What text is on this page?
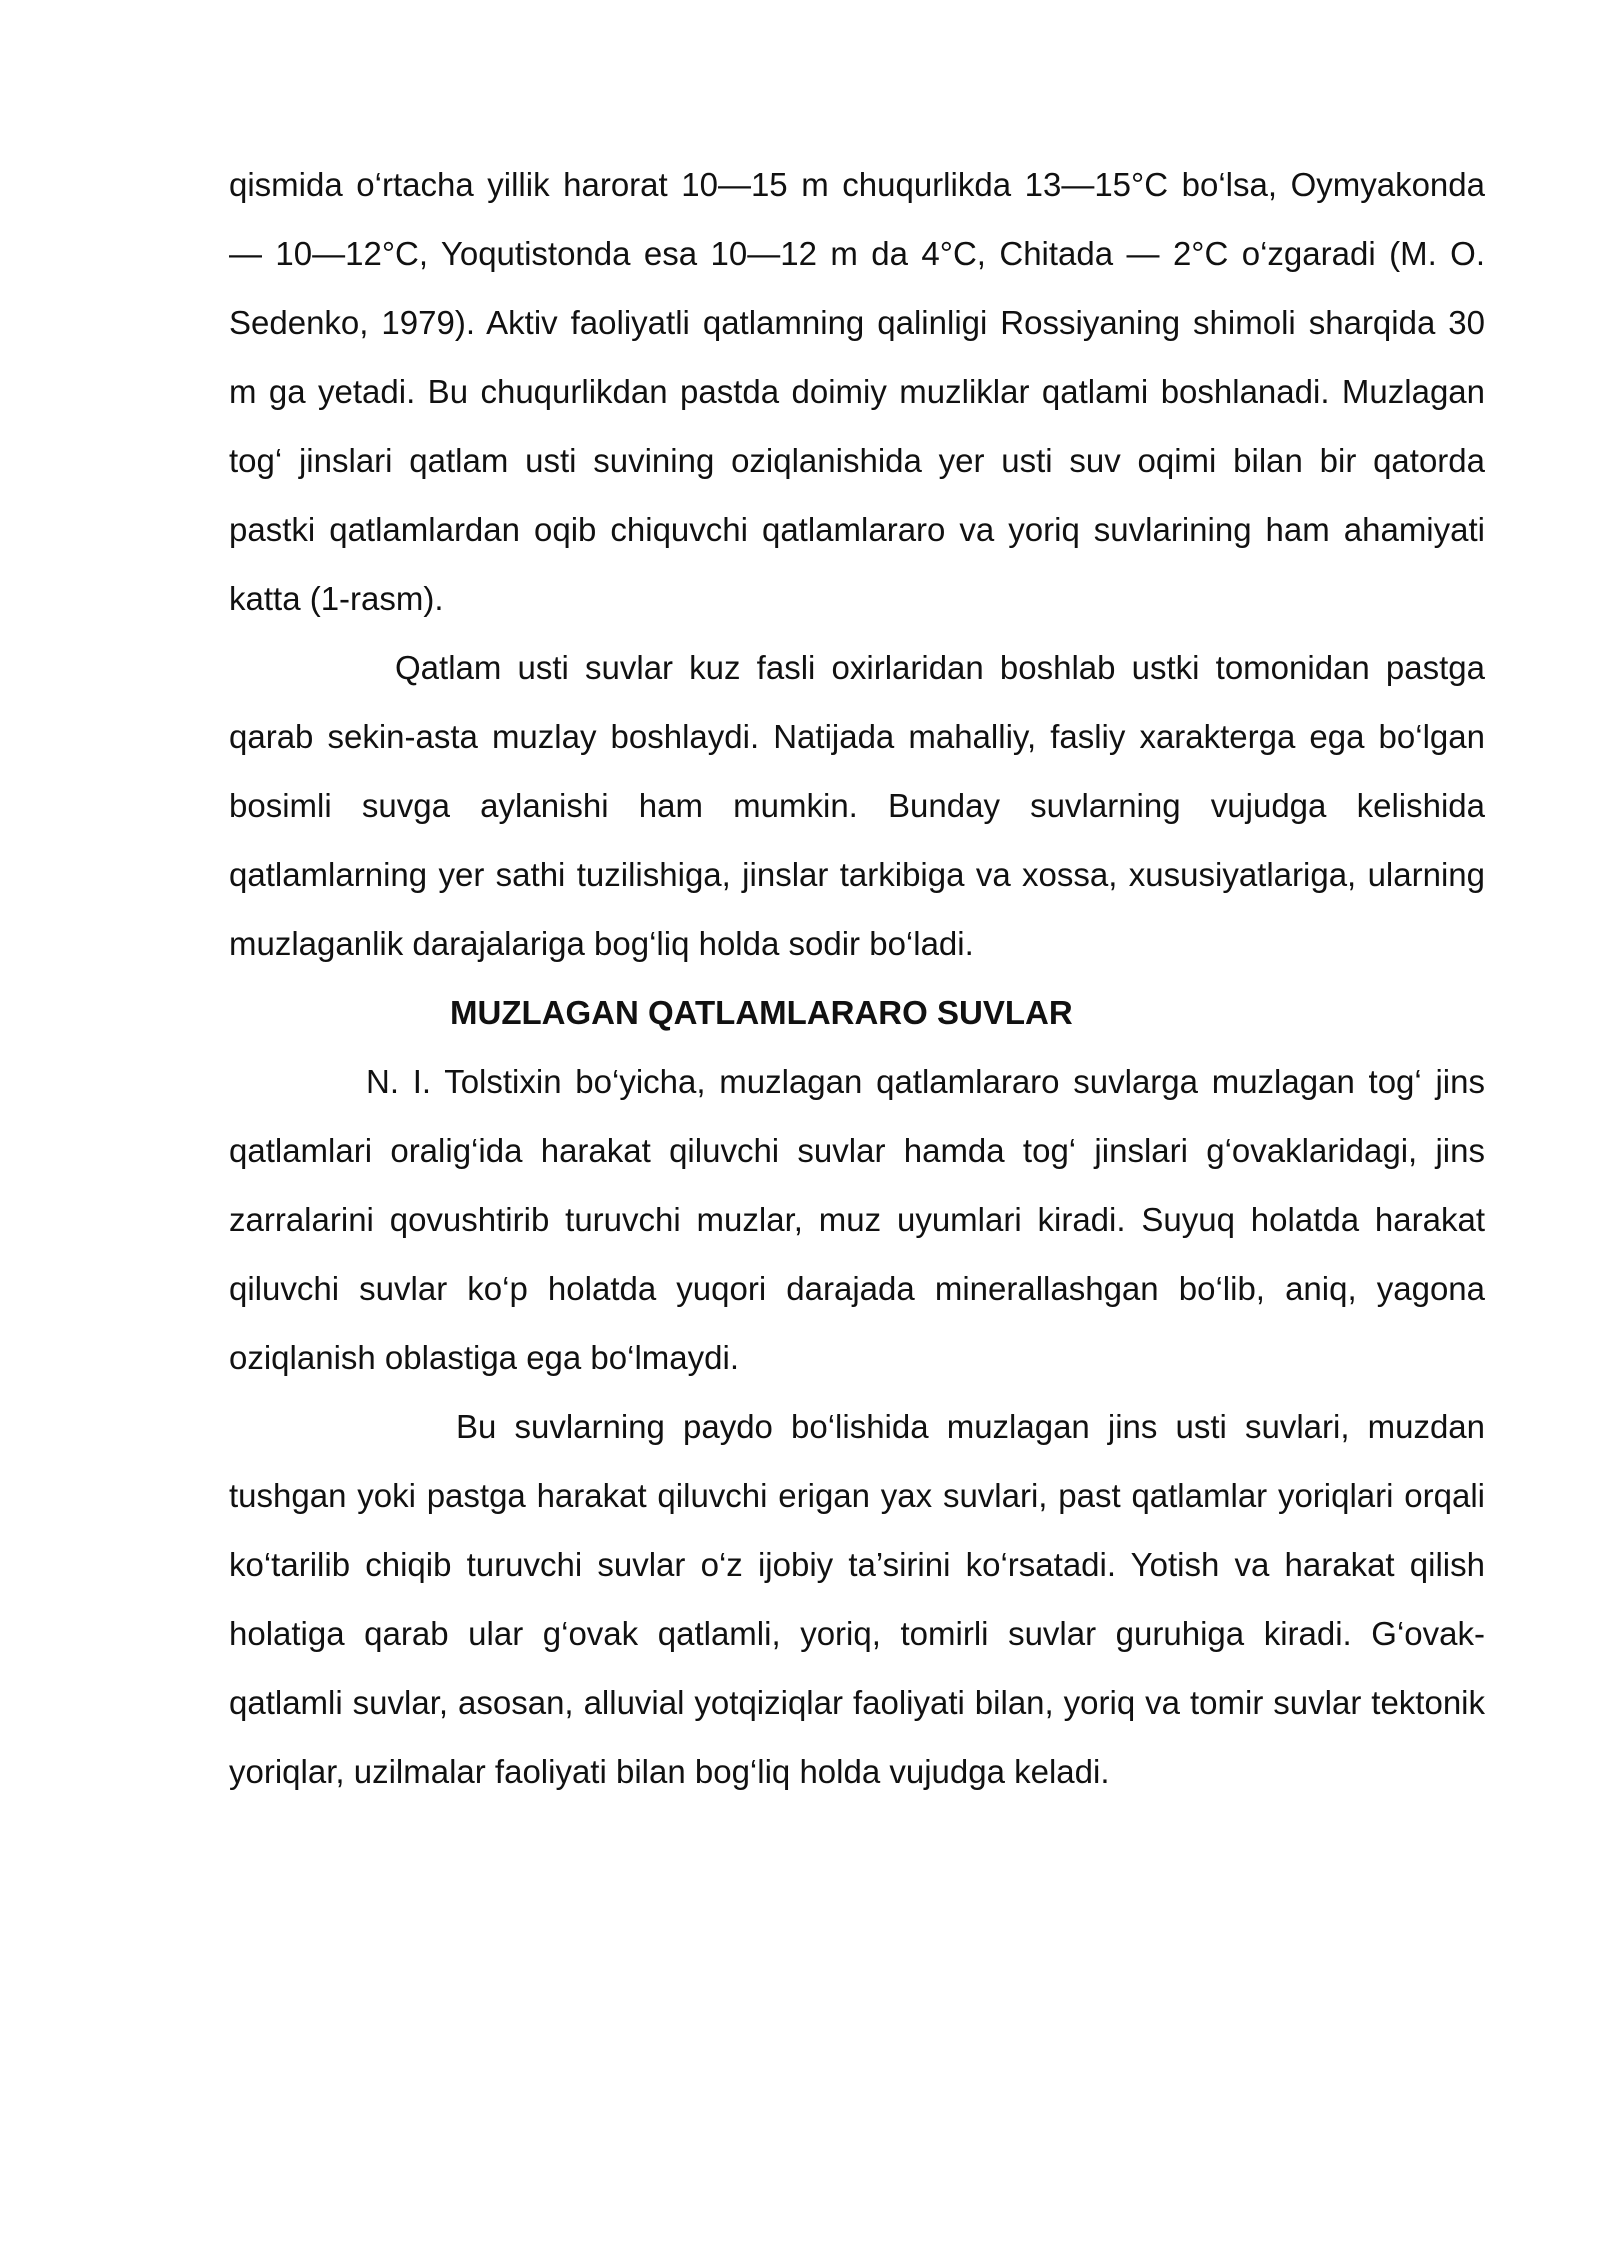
qismida o‘rtacha yillik harorat 10—15 m chuqurlikda 13—15°C bo‘lsa, Oymyakonda — 10—12°C, Yoqutistonda esa 10—12 m da 4°C, Chitada — 2°C o‘zgaradi (M. O. Sedenko, 1979). Aktiv faoliyatli qatlamning qalinligi Rossiyaning shimoli sharqida 30 m ga yetadi. Bu chuqurlikdan pastda doimiy muzliklar qatlami boshlanadi. Muzlagan tog‘ jinslari qatlam usti suvining oziqlanishida yer usti suv oqimi bilan bir qatorda pastki qatlamlardan oqib chiquvchi qatlamlararo va yoriq suvlarining ham ahamiyati katta (1-rasm).

Qatlam usti suvlar kuz fasli oxirlaridan boshlab ustki tomonidan pastga qarab sekin-asta muzlay boshlaydi. Natijada mahalliy, fasliy xarakterga ega bo‘lgan bosimli suvga aylanishi ham mumkin. Bunday suvlarning vujudga kelishida qatlamlarning yer sathi tuzilishiga, jinslar tarkibiga va xossa, xususiyatlariga, ularning muzlaganlik darajalariga bog‘liq holda sodir bo‘ladi.

MUZLAGAN QATLAMLARARO SUVLAR

N. I. Tolstixin bo‘yicha, muzlagan qatlamlararo suvlarga muzlagan tog‘ jins qatlamlari oralig‘ida harakat qiluvchi suvlar hamda tog‘ jinslari g‘ovaklaridagi, jins zarralarini qovushtirib turuvchi muzlar, muz uyumlari kiradi. Suyuq holatda harakat qiluvchi suvlar ko‘p holatda yuqori darajada minerallashgan bo‘lib, aniq, yagona oziqlanish oblastiga ega bo‘lmaydi.

Bu suvlarning paydo bo‘lishida muzlagan jins usti suvlari, muzdan tushgan yoki pastga harakat qiluvchi erigan yax suvlari, past qatlamlar yoriqlari orqali ko‘tarilib chiqib turuvchi suvlar o‘z ijobiy ta’sirini ko‘rsatadi. Yotish va harakat qilish holatiga qarab ular g‘ovak qatlamli, yoriq, tomirli suvlar guruhiga kiradi. G‘ovak-qatlamli suvlar, asosan, alluvial yotqiziqlar faoliyati bilan, yoriq va tomir suvlar tektonik yoriqlar, uzilmalar faoliyati bilan bog‘liq holda vujudga keladi.
